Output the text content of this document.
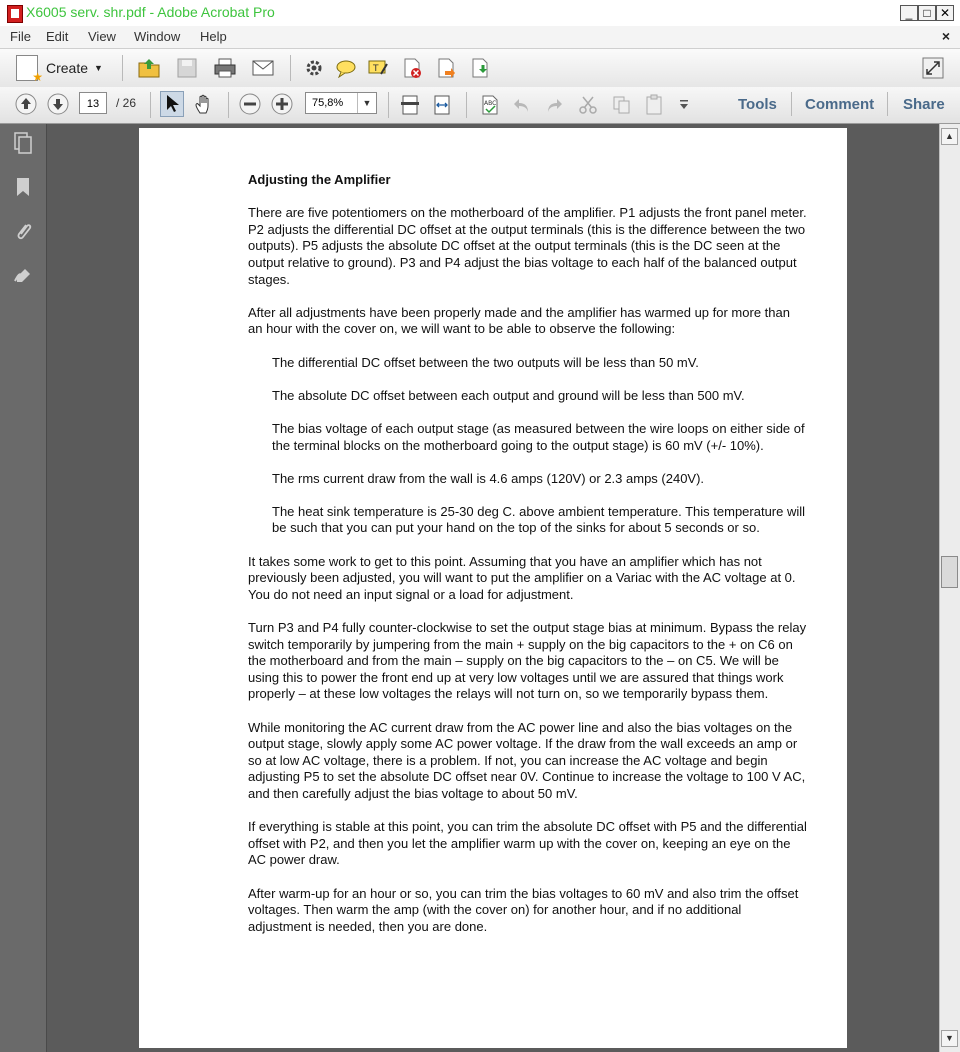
X6005 serv. shr.pdf - Adobe Acrobat Pro	_ □ ✕
File Edit View Window Help	×
★
Create ▼	T
ABC
13	/ 26	75,8%	▼	Tools Comment Share
Adjusting the Amplifier

There are five potentiomers on the motherboard of the amplifier. P1 adjusts the front panel meter. P2 adjusts the differential DC offset at the output terminals (this is the difference between the two outputs). P5 adjusts the absolute DC offset at the output terminals (this is the DC seen at the output relative to ground). P3 and P4 adjust the bias voltage to each half of the balanced output stages.

After all adjustments have been properly made and the amplifier has warmed up for more than an hour with the cover on, we will want to be able to observe the following:

The differential DC offset between the two outputs will be less than 50 mV.

The absolute DC offset between each output and ground will be less than 500 mV.

The bias voltage of each output stage (as measured between the wire loops on either side of the terminal blocks on the motherboard going to the output stage) is 60 mV (+/- 10%).

The rms current draw from the wall is 4.6 amps (120V) or 2.3 amps (240V).

The heat sink temperature is 25-30 deg C. above ambient temperature. This temperature will be such that you can put your hand on the top of the sinks for about 5 seconds or so.

It takes some work to get to this point. Assuming that you have an amplifier which has not previously been adjusted, you will want to put the amplifier on a Variac with the AC voltage at 0. You do not need an input signal or a load for adjustment.

Turn P3 and P4 fully counter-clockwise to set the output stage bias at minimum. Bypass the relay switch temporarily by jumpering from the main + supply on the big capacitors to the + on C6 on the motherboard and from the main – supply on the big capacitors to the – on C5. We will be using this to power the front end up at very low voltages until we are assured that things work properly – at these low voltages the relays will not turn on, so we temporarily bypass them.

While monitoring the AC current draw from the AC power line and also the bias voltages on the output stage, slowly apply some AC power voltage. If the draw from the wall exceeds an amp or so at low AC voltage, there is a problem. If not, you can increase the AC voltage and begin adjusting P5 to set the absolute DC offset near 0V. Continue to increase the voltage to 100 V AC, and then carefully adjust the bias voltage to about 50 mV.

If everything is stable at this point, you can trim the absolute DC offset with P5 and the differential offset with P2, and then you let the amplifier warm up with the cover on, keeping an eye on the AC power draw.

After warm-up for an hour or so, you can trim the bias voltages to 60 mV and also trim the offset voltages. Then warm the amp (with the cover on) for another hour, and if no additional adjustment is needed, then you are done.

▲
▼
